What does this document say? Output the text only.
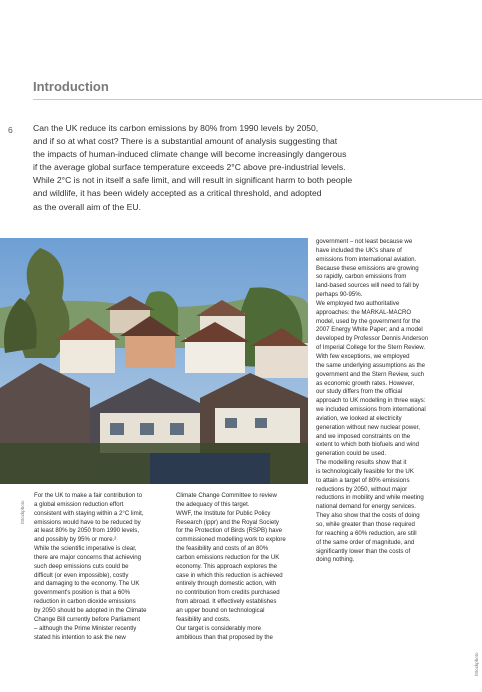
Introduction
6 Can the UK reduce its carbon emissions by 80% from 1990 levels by 2050,
and if so at what cost? There is a substantial amount of analysis suggesting that
the impacts of human-induced climate change will become increasingly dangerous
if the average global surface temperature exceeds 2°C above pre-industrial levels.
While 2°C is not in itself a safe limit, and will result in significant harm to both people
and wildlife, it has been widely accepted as a critical threshold, and adopted
as the overall aim of the EU.
iStockphoto
iStockphoto

For the UK to make a fair contribution to
a global emission reduction effort
consistent with staying within a 2°C limit,
emissions would have to be reduced by
at least 80% by 2050 from 1990 levels,
and possibly by 95% or more.²

While the scientific imperative is clear,
there are major concerns that achieving
such deep emissions cuts could be
difficult (or even impossible), costly
and damaging to the economy. The UK
government's position is that a 60%
reduction in carbon dioxide emissions
by 2050 should be adopted in the Climate
Change Bill currently before Parliament
– although the Prime Minister recently
stated his intention to ask the new

Climate Change Committee to review
the adequacy of this target.

WWF, the Institute for Public Policy
Research (ippr) and the Royal Society
for the Protection of Birds (RSPB) have
commissioned modelling work to explore
the feasibility and costs of an 80%
carbon emissions reduction for the UK
economy. This approach explores the
case in which this reduction is achieved
entirely through domestic action, with
no contribution from credits purchased
from abroad. It effectively establishes
an upper bound on technological
feasibility and costs.

Our target is considerably more
ambitious than that proposed by the

government – not least because we
have included the UK's share of
emissions from international aviation.
Because these emissions are growing
so rapidly, carbon emissions from
land-based sources will need to fall by
perhaps 90-95%.

We employed two authoritative
approaches: the MARKAL-MACRO
model, used by the government for the
2007 Energy White Paper; and a model
developed by Professor Dennis Anderson
of Imperial College for the Stern Review.

With few exceptions, we employed
the same underlying assumptions as the
government and the Stern Review, such
as economic growth rates. However,
our study differs from the official
approach to UK modelling in three ways:
we included emissions from international
aviation, we looked at electricity
generation without new nuclear power,
and we imposed constraints on the
extent to which both biofuels and wind
generation could be used.

The modelling results show that it
is technologically feasible for the UK
to attain a target of 80% emissions
reductions by 2050, without major
reductions in mobility and while meeting
national demand for energy services.
They also show that the costs of doing
so, while greater than those required
for reaching a 60% reduction, are still
of the same order of magnitude, and
significantly lower than the costs of
doing nothing.
